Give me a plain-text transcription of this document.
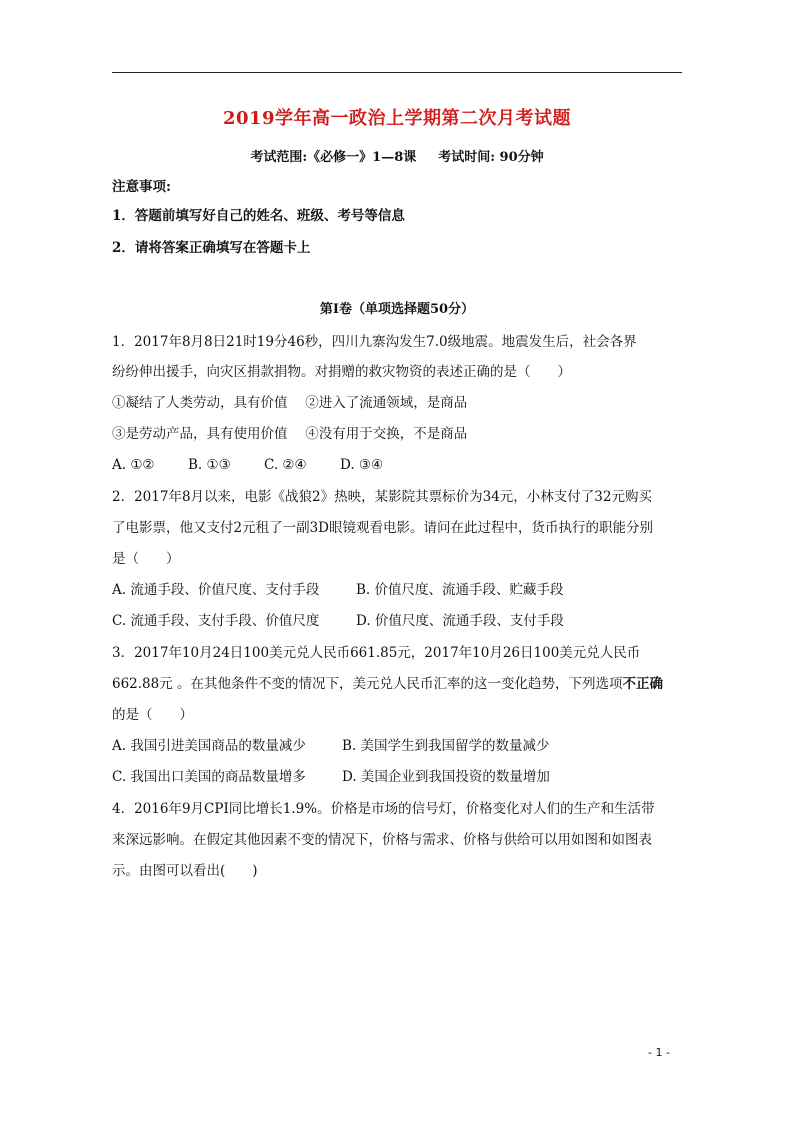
2019学年高一政治上学期第二次月考试题
考试范围:《必修一》1—8课 考试时间: 90分钟
注意事项:
1．答题前填写好自己的姓名、班级、考号等信息
2．请将答案正确填写在答题卡上
第I卷（单项选择题50分）
1．2017年8月8日21时19分46秒，四川九寨沟发生7.0级地震。地震发生后，社会各界
纷纷伸出援手，向灾区捐款捐物。对捐赠的救灾物资的表述正确的是（　　）
①凝结了人类劳动，具有价值　 ②进入了流通领域，是商品
③是劳动产品，具有使用价值　 ④没有用于交换，不是商品
A. ①② B. ①③ C. ②④ D. ③④
2．2017年8月以来，电影《战狼2》热映，某影院其票标价为34元，小林支付了32元购买
了电影票，他又支付2元租了一副3D眼镜观看电影。请问在此过程中，货币执行的职能分别
是（　　）
A. 流通手段、价值尺度、支付手段	B. 价值尺度、流通手段、贮藏手段
C. 流通手段、支付手段、价值尺度	D. 价值尺度、流通手段、支付手段
3．2017年10月24日100美元兑人民币661.85元，2017年10月26日100美元兑人民币
662.88元 。在其他条件不变的情况下，美元兑人民币汇率的这一变化趋势，下列选项不正确
的是（　　）
A. 我国引进美国商品的数量减少	B. 美国学生到我国留学的数量减少
C. 我国出口美国的商品数量增多	D. 美国企业到我国投资的数量增加
4．2016年9月CPI同比增长1.9%。价格是市场的信号灯，价格变化对人们的生产和生活带
来深远影响。在假定其他因素不变的情况下，价格与需求、价格与供给可以用如图和如图表
示。由图可以看出(　　)
- 1 -
